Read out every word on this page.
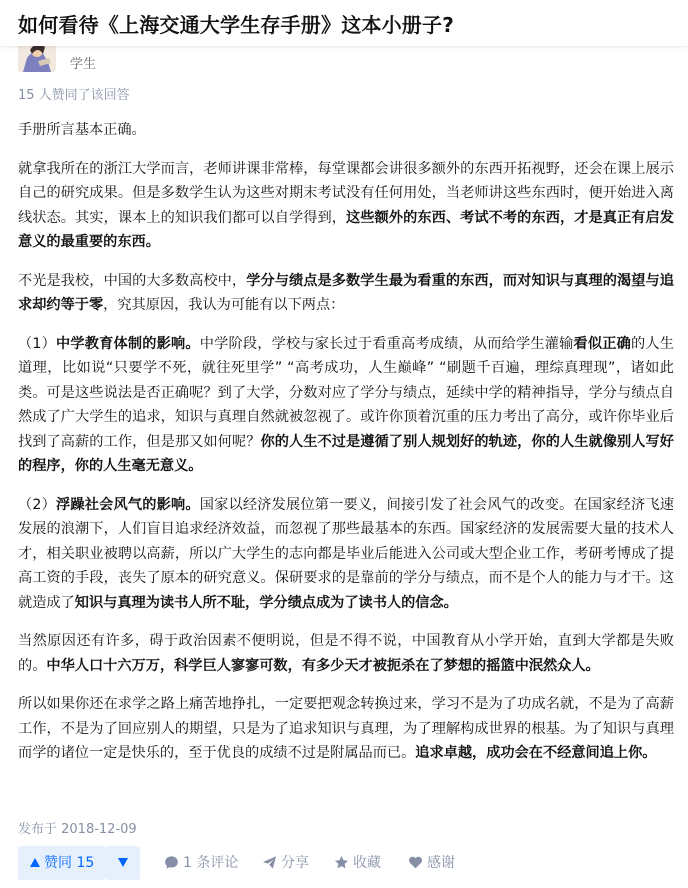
如何看待《上海交通大学生存手册》这本小册子?
学生
15 人赞同了该回答

手册所言基本正确。

就拿我所在的浙江大学而言，老师讲课非常棒，每堂课都会讲很多额外的东西开拓视野，还会在课上展示自己的研究成果。但是多数学生认为这些对期末考试没有任何用处，当老师讲这些东西时，便开始进入离线状态。其实，课本上的知识我们都可以自学得到，这些额外的东西、考试不考的东西，才是真正有启发意义的最重要的东西。

不光是我校，中国的大多数高校中，学分与绩点是多数学生最为看重的东西，而对知识与真理的渴望与追求却约等于零，究其原因，我认为可能有以下两点：

（1）中学教育体制的影响。中学阶段，学校与家长过于看重高考成绩，从而给学生灌输看似正确的人生道理，比如说“只要学不死，就往死里学” “高考成功，人生巅峰” “刷题千百遍，理综真理现”，诸如此类。可是这些说法是否正确呢？到了大学，分数对应了学分与绩点，延续中学的精神指导，学分与绩点自然成了广大学生的追求，知识与真理自然就被忽视了。或许你顶着沉重的压力考出了高分，或许你毕业后找到了高薪的工作，但是那又如何呢？你的人生不过是遵循了别人规划好的轨迹，你的人生就像别人写好的程序，你的人生毫无意义。

（2）浮躁社会风气的影响。国家以经济发展位第一要义，间接引发了社会风气的改变。在国家经济飞速发展的浪潮下，人们盲目追求经济效益，而忽视了那些最基本的东西。国家经济的发展需要大量的技术人才，相关职业被聘以高薪，所以广大学生的志向都是毕业后能进入公司或大型企业工作，考研考博成了提高工资的手段，丧失了原本的研究意义。保研要求的是靠前的学分与绩点，而不是个人的能力与才干。这就造成了知识与真理为读书人所不耻，学分绩点成为了读书人的信念。

当然原因还有许多，碍于政治因素不便明说，但是不得不说，中国教育从小学开始，直到大学都是失败的。中华人口十六万万，科学巨人寥寥可数，有多少天才被扼杀在了梦想的摇篮中泯然众人。

所以如果你还在求学之路上痛苦地挣扎，一定要把观念转换过来，学习不是为了功成名就，不是为了高薪工作，不是为了回应别人的期望，只是为了追求知识与真理，为了理解构成世界的根基。为了知识与真理而学的诸位一定是快乐的，至于优良的成绩不过是附属品而已。追求卓越，成功会在不经意间追上你。

发布于 2018-12-09
赞同 15	1 条评论	分享	收藏	感谢
